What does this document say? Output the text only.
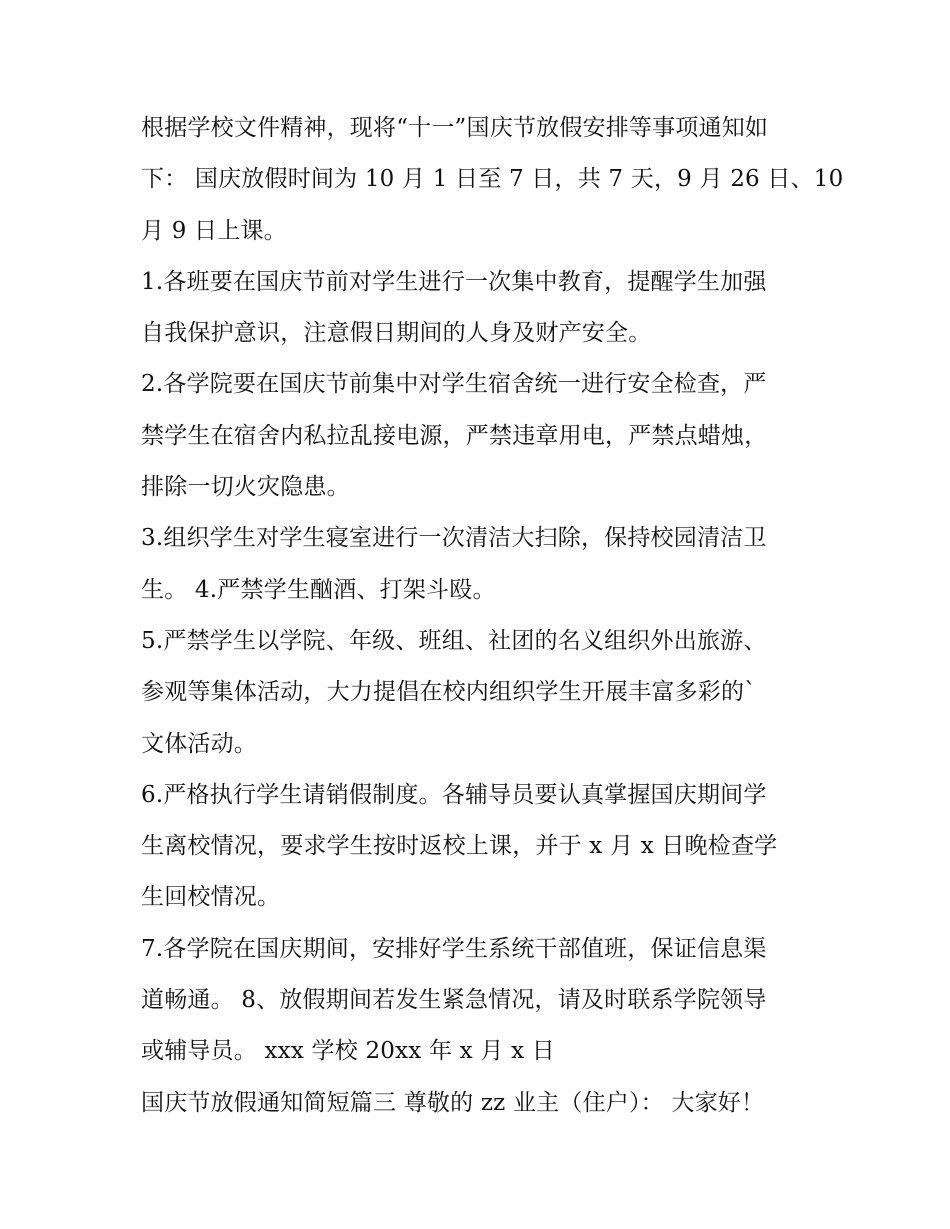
根据学校文件精神，现将“十一”国庆节放假安排等事项通知如
下： 国庆放假时间为 10 月 1 日至 7 日，共 7 天，9 月 26 日、10
月 9 日上课。
1.各班要在国庆节前对学生进行一次集中教育，提醒学生加强
自我保护意识，注意假日期间的人身及财产安全。
2.各学院要在国庆节前集中对学生宿舍统一进行安全检查，严
禁学生在宿舍内私拉乱接电源，严禁违章用电，严禁点蜡烛，
排除一切火灾隐患。
3.组织学生对学生寝室进行一次清洁大扫除，保持校园清洁卫
生。 4.严禁学生酗酒、打架斗殴。
5.严禁学生以学院、年级、班组、社团的名义组织外出旅游、
参观等集体活动，大力提倡在校内组织学生开展丰富多彩的`
文体活动。
6.严格执行学生请销假制度。各辅导员要认真掌握国庆期间学
生离校情况，要求学生按时返校上课，并于 x 月 x 日晚检查学
生回校情况。
7.各学院在国庆期间，安排好学生系统干部值班，保证信息渠
道畅通。 8、放假期间若发生紧急情况，请及时联系学院领导
或辅导员。 xxx 学校 20xx 年 x 月 x 日
国庆节放假通知简短篇三 尊敬的 zz 业主（住户）： 大家好！
